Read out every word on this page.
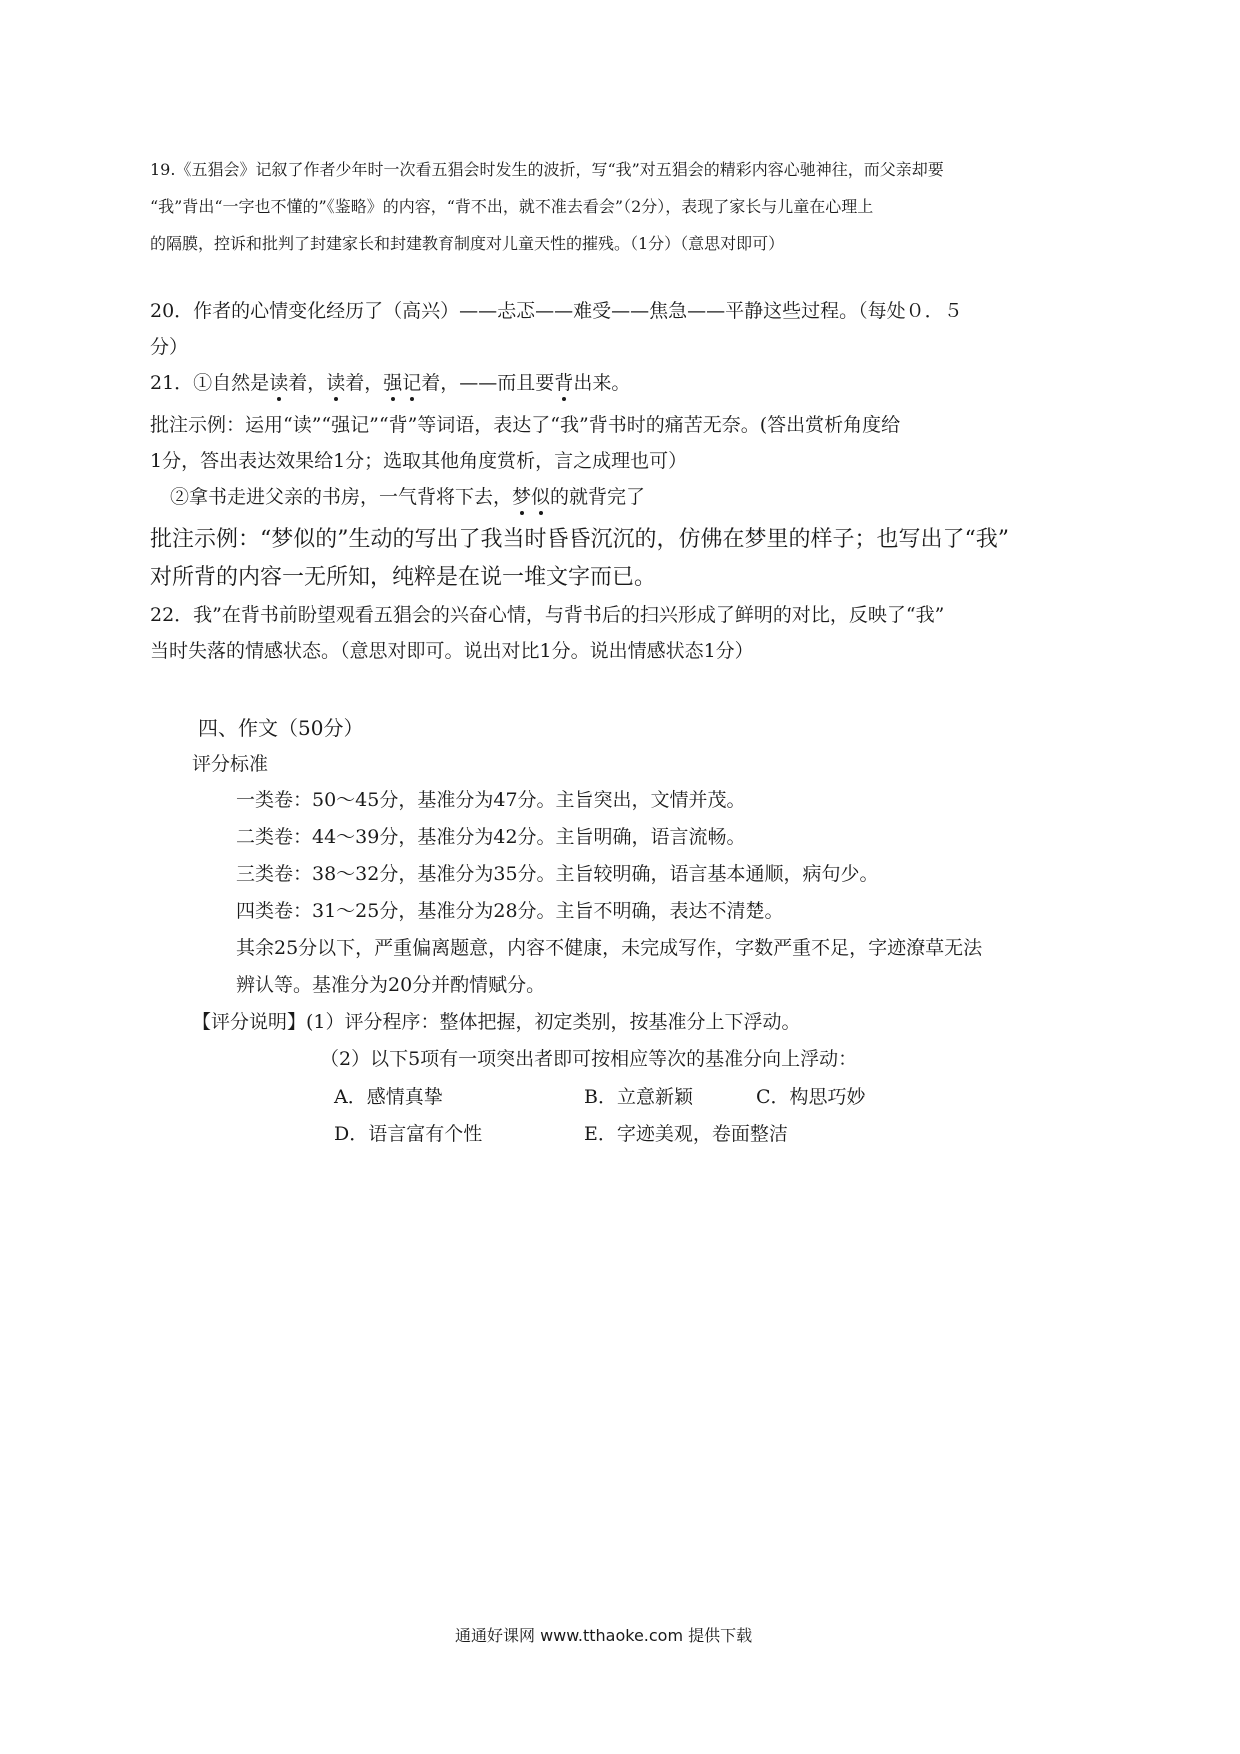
19.《五猖会》记叙了作者少年时一次看五猖会时发生的波折，写“我”对五猖会的精彩内容心驰神往，而父亲却要
“我”背出“一字也不懂的”《鉴略》的内容，“背不出，就不准去看会”（2分），表现了家长与儿童在心理上
的隔膜，控诉和批判了封建家长和封建教育制度对儿童天性的摧残。（1分）（意思对即可）
20．作者的心情变化经历了（高兴）——忐忑——难受——焦急——平静这些过程。（每处０．５
分）
21．①自然是读着，读着，强记着，——而且要背出来。
批注示例：运用“读”“强记”“背”等词语，表达了“我”背书时的痛苦无奈。(答出赏析角度给
1分，答出表达效果给1分；选取其他角度赏析，言之成理也可）
②拿书走进父亲的书房，一气背将下去，梦似的就背完了
批注示例：“梦似的”生动的写出了我当时昏昏沉沉的，仿佛在梦里的样子；也写出了“我”
对所背的内容一无所知，纯粹是在说一堆文字而已。
22．我”在背书前盼望观看五猖会的兴奋心情，与背书后的扫兴形成了鲜明的对比，反映了“我”
当时失落的情感状态。（意思对即可。说出对比1分。说出情感状态1分）
四、作文（50分）
评分标准
一类卷：50～45分，基准分为47分。主旨突出，文情并茂。
二类卷：44～39分，基准分为42分。主旨明确，语言流畅。
三类卷：38～32分，基准分为35分。主旨较明确，语言基本通顺，病句少。
四类卷：31～25分，基准分为28分。主旨不明确，表达不清楚。
其余25分以下，严重偏离题意，内容不健康，未完成写作，字数严重不足，字迹潦草无法
辨认等。基准分为20分并酌情赋分。
【评分说明】(1）评分程序：整体把握，初定类别，按基准分上下浮动。
（2）以下5项有一项突出者即可按相应等次的基准分向上浮动：
A．感情真挚	B．立意新颖	C．构思巧妙
D．语言富有个性	E．字迹美观，卷面整洁
通通好课网 www.tthaoke.com 提供下载
